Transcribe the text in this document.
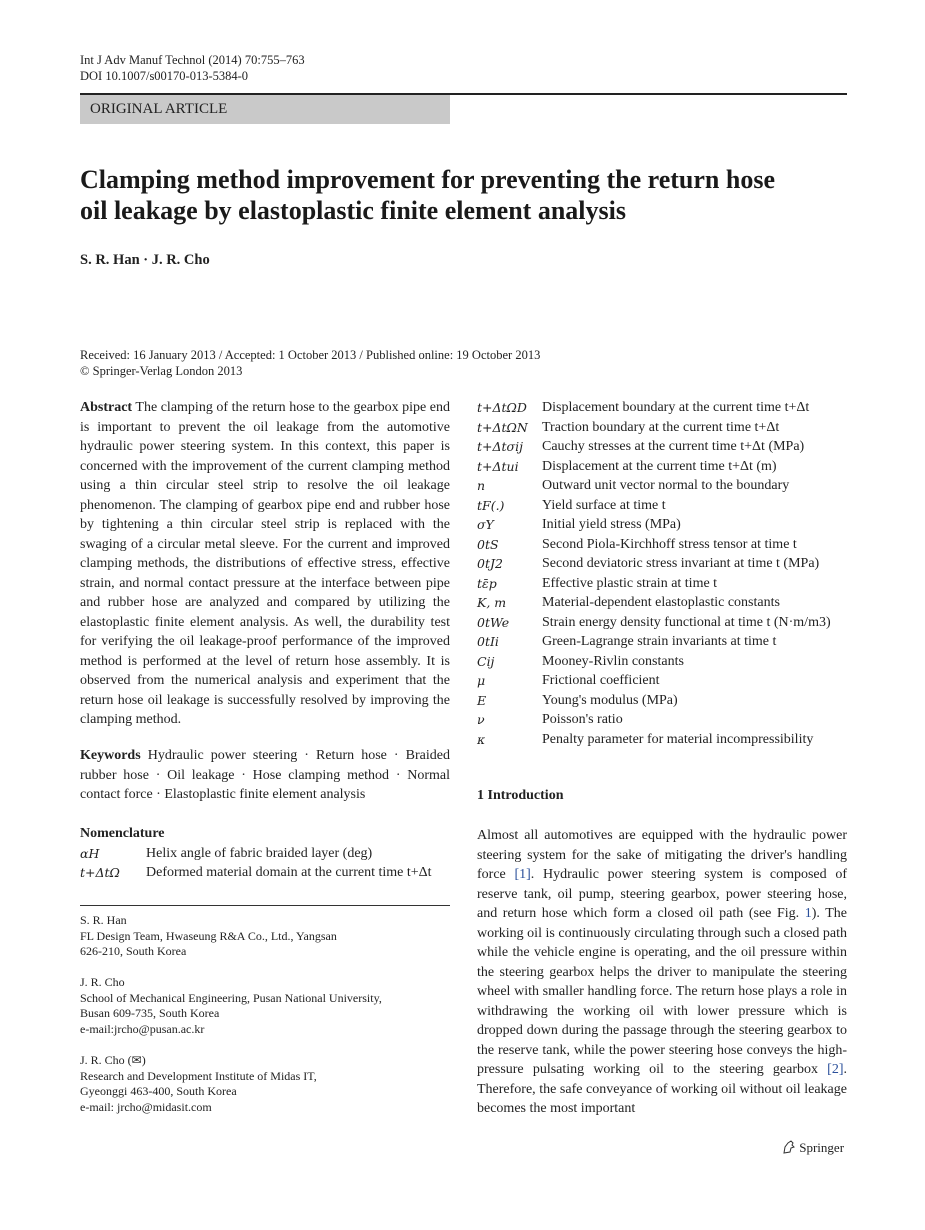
Int J Adv Manuf Technol (2014) 70:755–763
DOI 10.1007/s00170-013-5384-0
ORIGINAL ARTICLE
Clamping method improvement for preventing the return hose
oil leakage by elastoplastic finite element analysis
S. R. Han · J. R. Cho
Received: 16 January 2013 / Accepted: 1 October 2013 / Published online: 19 October 2013
© Springer-Verlag London 2013
Abstract The clamping of the return hose to the gearbox pipe end is important to prevent the oil leakage from the automotive hydraulic power steering system. In this context, this paper is concerned with the improvement of the current clamping method using a thin circular steel strip to resolve the oil leakage phenomenon. The clamping of gearbox pipe end and rubber hose by tightening a thin circular steel strip is replaced with the swaging of a circular metal sleeve. For the current and improved clamping methods, the distributions of effective stress, effective strain, and normal contact pressure at the interface between pipe and rubber hose are analyzed and compared by utilizing the elastoplastic finite element analysis. As well, the durability test for verifying the oil leakage-proof performance of the improved method is performed at the level of return hose assembly. It is observed from the numerical analysis and experiment that the return hose oil leakage is successfully resolved by improving the clamping method.
Keywords Hydraulic power steering · Return hose · Braided rubber hose · Oil leakage · Hose clamping method · Normal contact force · Elastoplastic finite element analysis
Nomenclature
αH	Helix angle of fabric braided layer (deg)
t+ΔtΩ Deformed material domain at the current time t+Δt
S. R. Han
FL Design Team, Hwaseung R&A Co., Ltd., Yangsan
626-210, South Korea
J. R. Cho
School of Mechanical Engineering, Pusan National University,
Busan 609-735, South Korea
e-mail:jrcho@pusan.ac.kr
J. R. Cho (✉)
Research and Development Institute of Midas IT,
Gyeonggi 463-400, South Korea
e-mail: jrcho@midasit.com
t+ΔtΩD Displacement boundary at the current time t+Δt
t+ΔtΩN Traction boundary at the current time t+Δt
t+Δtσij Cauchy stresses at the current time t+Δt (MPa)
t+Δtui Displacement at the current time t+Δt (m)
n	Outward unit vector normal to the boundary
tF(.)	Yield surface at time t
σY	Initial yield stress (MPa)
0tS	Second Piola-Kirchhoff stress tensor at time t
0tJ2	Second deviatoric stress invariant at time t (MPa)
tε̄p	Effective plastic strain at time t
K, m	Material-dependent elastoplastic constants
0tWe Strain energy density functional at time t (N·m/m3)
0tIi	Green-Lagrange strain invariants at time t
Cij	Mooney-Rivlin constants
μ	Frictional coefficient
E	Young's modulus (MPa)
ν	Poisson's ratio
κ	Penalty parameter for material incompressibility
1 Introduction
Almost all automotives are equipped with the hydraulic power steering system for the sake of mitigating the driver's handling force [1]. Hydraulic power steering system is composed of reserve tank, oil pump, steering gearbox, power steering hose, and return hose which form a closed oil path (see Fig. 1). The working oil is continuously circulating through such a closed path while the vehicle engine is operating, and the oil pressure within the steering gearbox helps the driver to manipulate the steering wheel with smaller handling force. The return hose plays a role in withdrawing the working oil with lower pressure which is dropped down during the passage through the steering gearbox to the reserve tank, while the power steering hose conveys the high-pressure pulsating working oil to the steering gearbox [2]. Therefore, the safe conveyance of working oil without oil leakage becomes the most important
Springer
